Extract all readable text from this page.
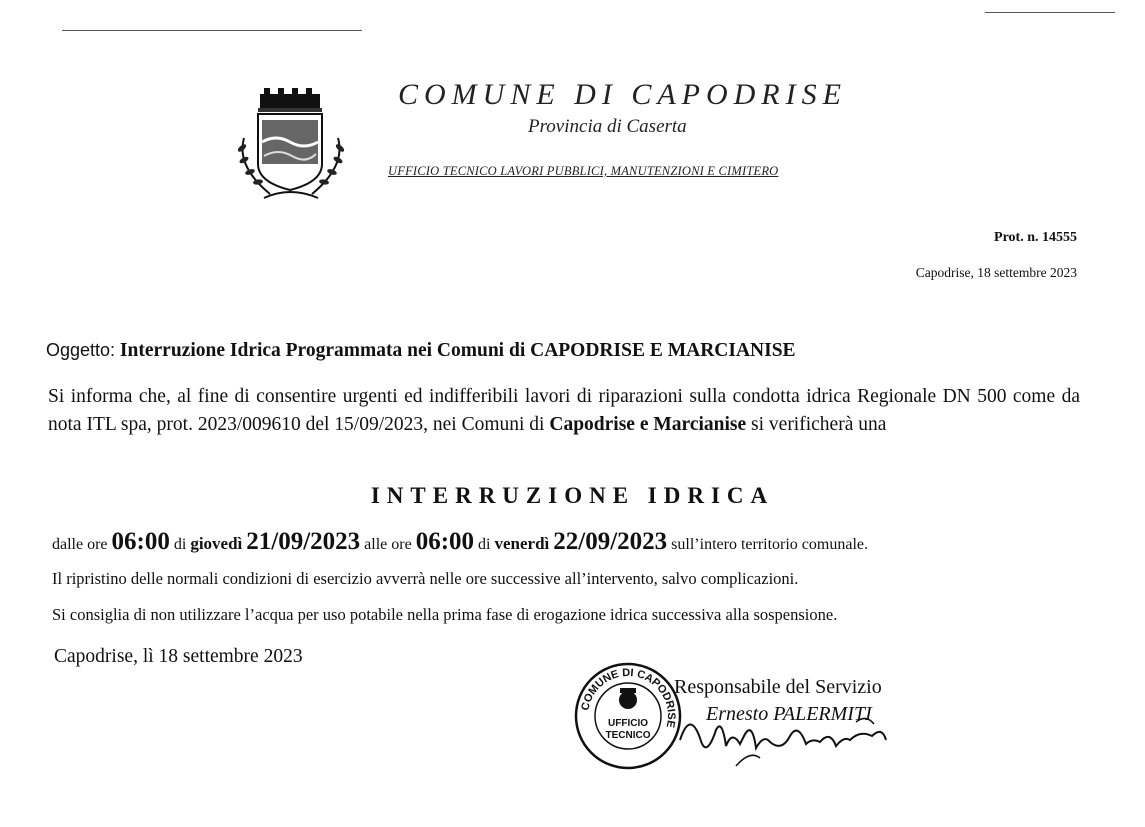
COMUNE DI CAPODRISE
Provincia di Caserta
UFFICIO TECNICO LAVORI PUBBLICI, MANUTENZIONI E CIMITERO
Prot. n. 14555
Capodrise, 18 settembre 2023
Oggetto: Interruzione Idrica Programmata nei Comuni di CAPODRISE E MARCIANISE
Si informa che, al fine di consentire urgenti ed indifferibili lavori di riparazioni sulla condotta idrica Regionale DN 500 come da nota ITL spa, prot. 2023/009610 del 15/09/2023, nei Comuni di Capodrise e Marcianise si verificherà una
INTERRUZIONE IDRICA
dalle ore 06:00 di giovedì 21/09/2023 alle ore 06:00 di venerdì 22/09/2023 sull’intero territorio comunale.
Il ripristino delle normali condizioni di esercizio avverrà nelle ore successive all’intervento, salvo complicazioni.
Si consiglia di non utilizzare l’acqua per uso potabile nella prima fase di erogazione idrica successiva alla sospensione.
Capodrise, lì 18 settembre 2023
COMUNE DI CAPODRISE
UFFICIO
TECNICO
Responsabile del Servizio
Ernesto PALERMITI
